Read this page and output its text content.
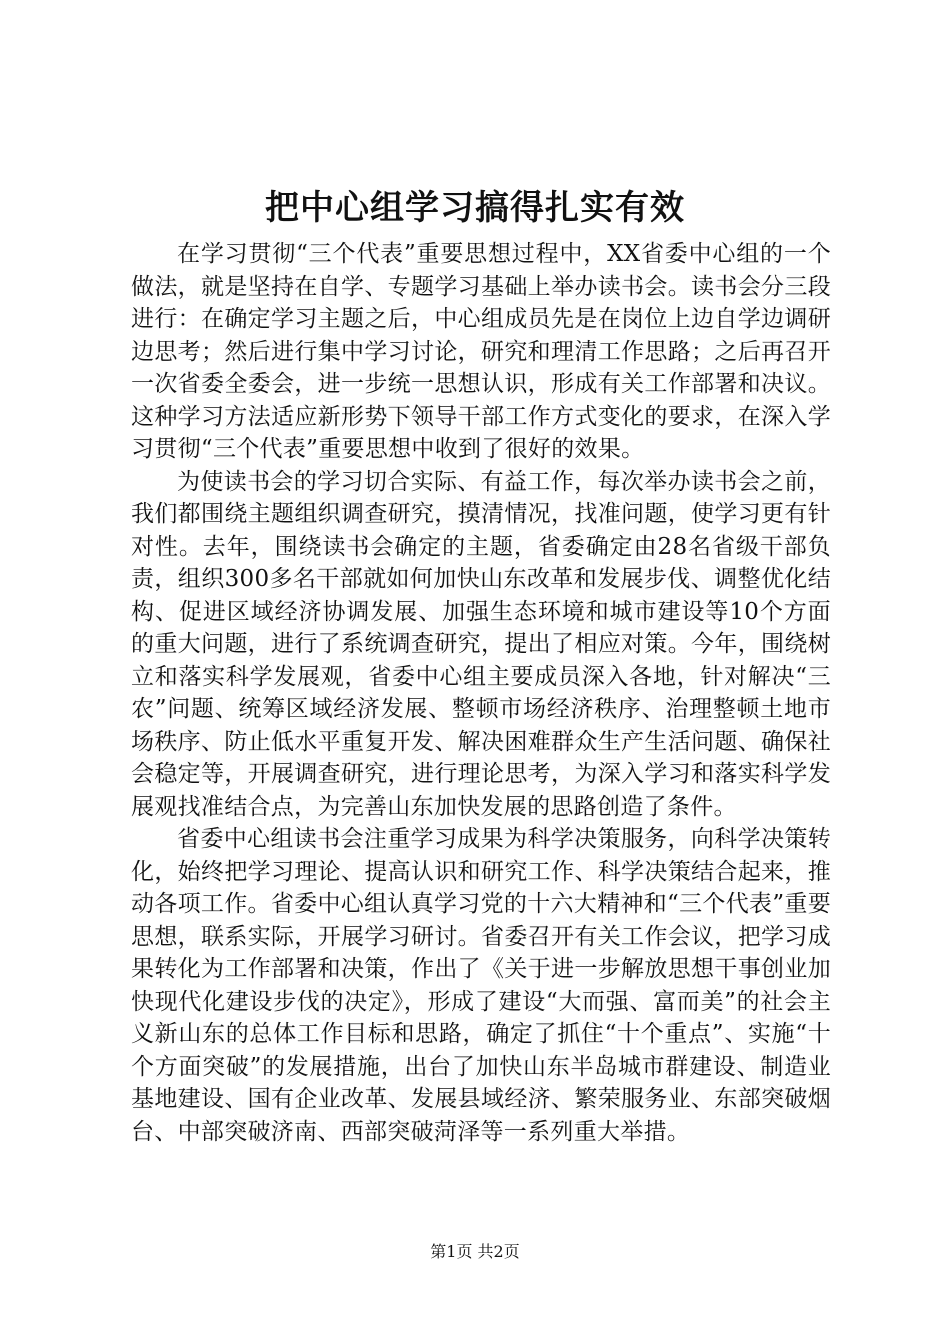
把中心组学习搞得扎实有效

在学习贯彻“三个代表”重要思想过程中，XX省委中心组的一个做法，就是坚持在自学、专题学习基础上举办读书会。读书会分三段进行：在确定学习主题之后，中心组成员先是在岗位上边自学边调研边思考；然后进行集中学习讨论，研究和理清工作思路；之后再召开一次省委全委会，进一步统一思想认识，形成有关工作部署和决议。这种学习方法适应新形势下领导干部工作方式变化的要求，在深入学习贯彻“三个代表”重要思想中收到了很好的效果。

为使读书会的学习切合实际、有益工作，每次举办读书会之前，我们都围绕主题组织调查研究，摸清情况，找准问题，使学习更有针对性。去年，围绕读书会确定的主题，省委确定由28名省级干部负责，组织300多名干部就如何加快山东改革和发展步伐、调整优化结构、促进区域经济协调发展、加强生态环境和城市建设等10个方面的重大问题，进行了系统调查研究，提出了相应对策。今年，围绕树立和落实科学发展观，省委中心组主要成员深入各地，针对解决“三农”问题、统筹区域经济发展、整顿市场经济秩序、治理整顿土地市场秩序、防止低水平重复开发、解决困难群众生产生活问题、确保社会稳定等，开展调查研究，进行理论思考，为深入学习和落实科学发展观找准结合点，为完善山东加快发展的思路创造了条件。

省委中心组读书会注重学习成果为科学决策服务，向科学决策转化，始终把学习理论、提高认识和研究工作、科学决策结合起来，推动各项工作。省委中心组认真学习党的十六大精神和“三个代表”重要思想，联系实际，开展学习研讨。省委召开有关工作会议，把学习成果转化为工作部署和决策，作出了《关于进一步解放思想干事创业加快现代化建设步伐的决定》，形成了建设“大而强、富而美”的社会主义新山东的总体工作目标和思路，确定了抓住“十个重点”、实施“十个方面突破”的发展措施，出台了加快山东半岛城市群建设、制造业基地建设、国有企业改革、发展县域经济、繁荣服务业、东部突破烟台、中部突破济南、西部突破菏泽等一系列重大举措。

第1页 共2页
